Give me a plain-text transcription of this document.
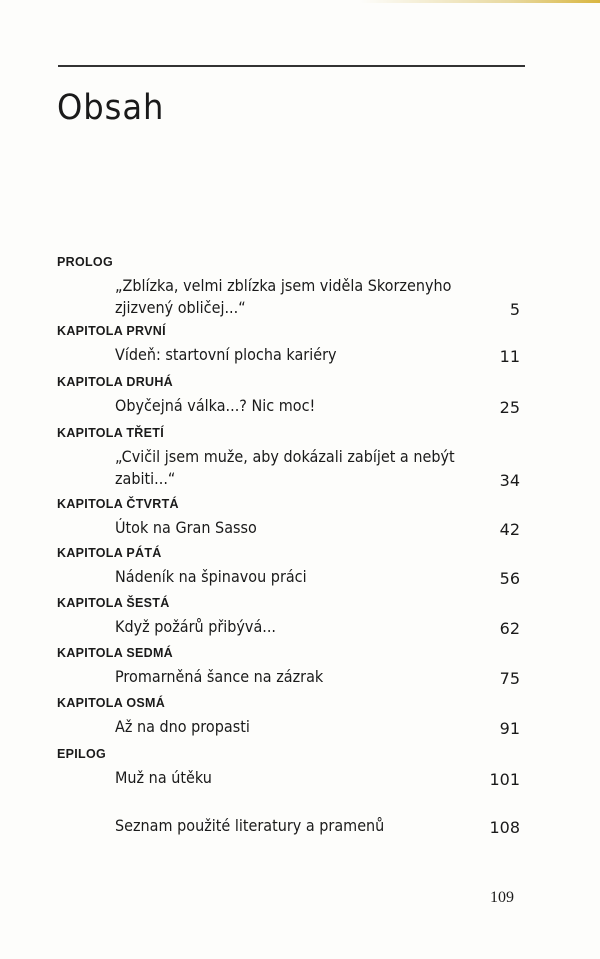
Obsah
PROLOG
„Zblízka, velmi zblízka jsem viděla Skorzenyho zjizvený obličej...“	5
KAPITOLA PRVNÍ
Vídeň: startovní plocha kariéry	11
KAPITOLA DRUHÁ
Obyčejná válka...? Nic moc!	25
KAPITOLA TŘETÍ
„Cvičil jsem muže, aby dokázali zabíjet a nebýt zabiti...“	34
KAPITOLA ČTVRTÁ
Útok na Gran Sasso	42
KAPITOLA PÁTÁ
Nádeník na špinavou práci	56
KAPITOLA ŠESTÁ
Když požárů přibývá...	62
KAPITOLA SEDMÁ
Promarněná šance na zázrak	75
KAPITOLA OSMÁ
Až na dno propasti	91
EPILOG
Muž na útěku	101
Seznam použité literatury a pramenů	108
109
